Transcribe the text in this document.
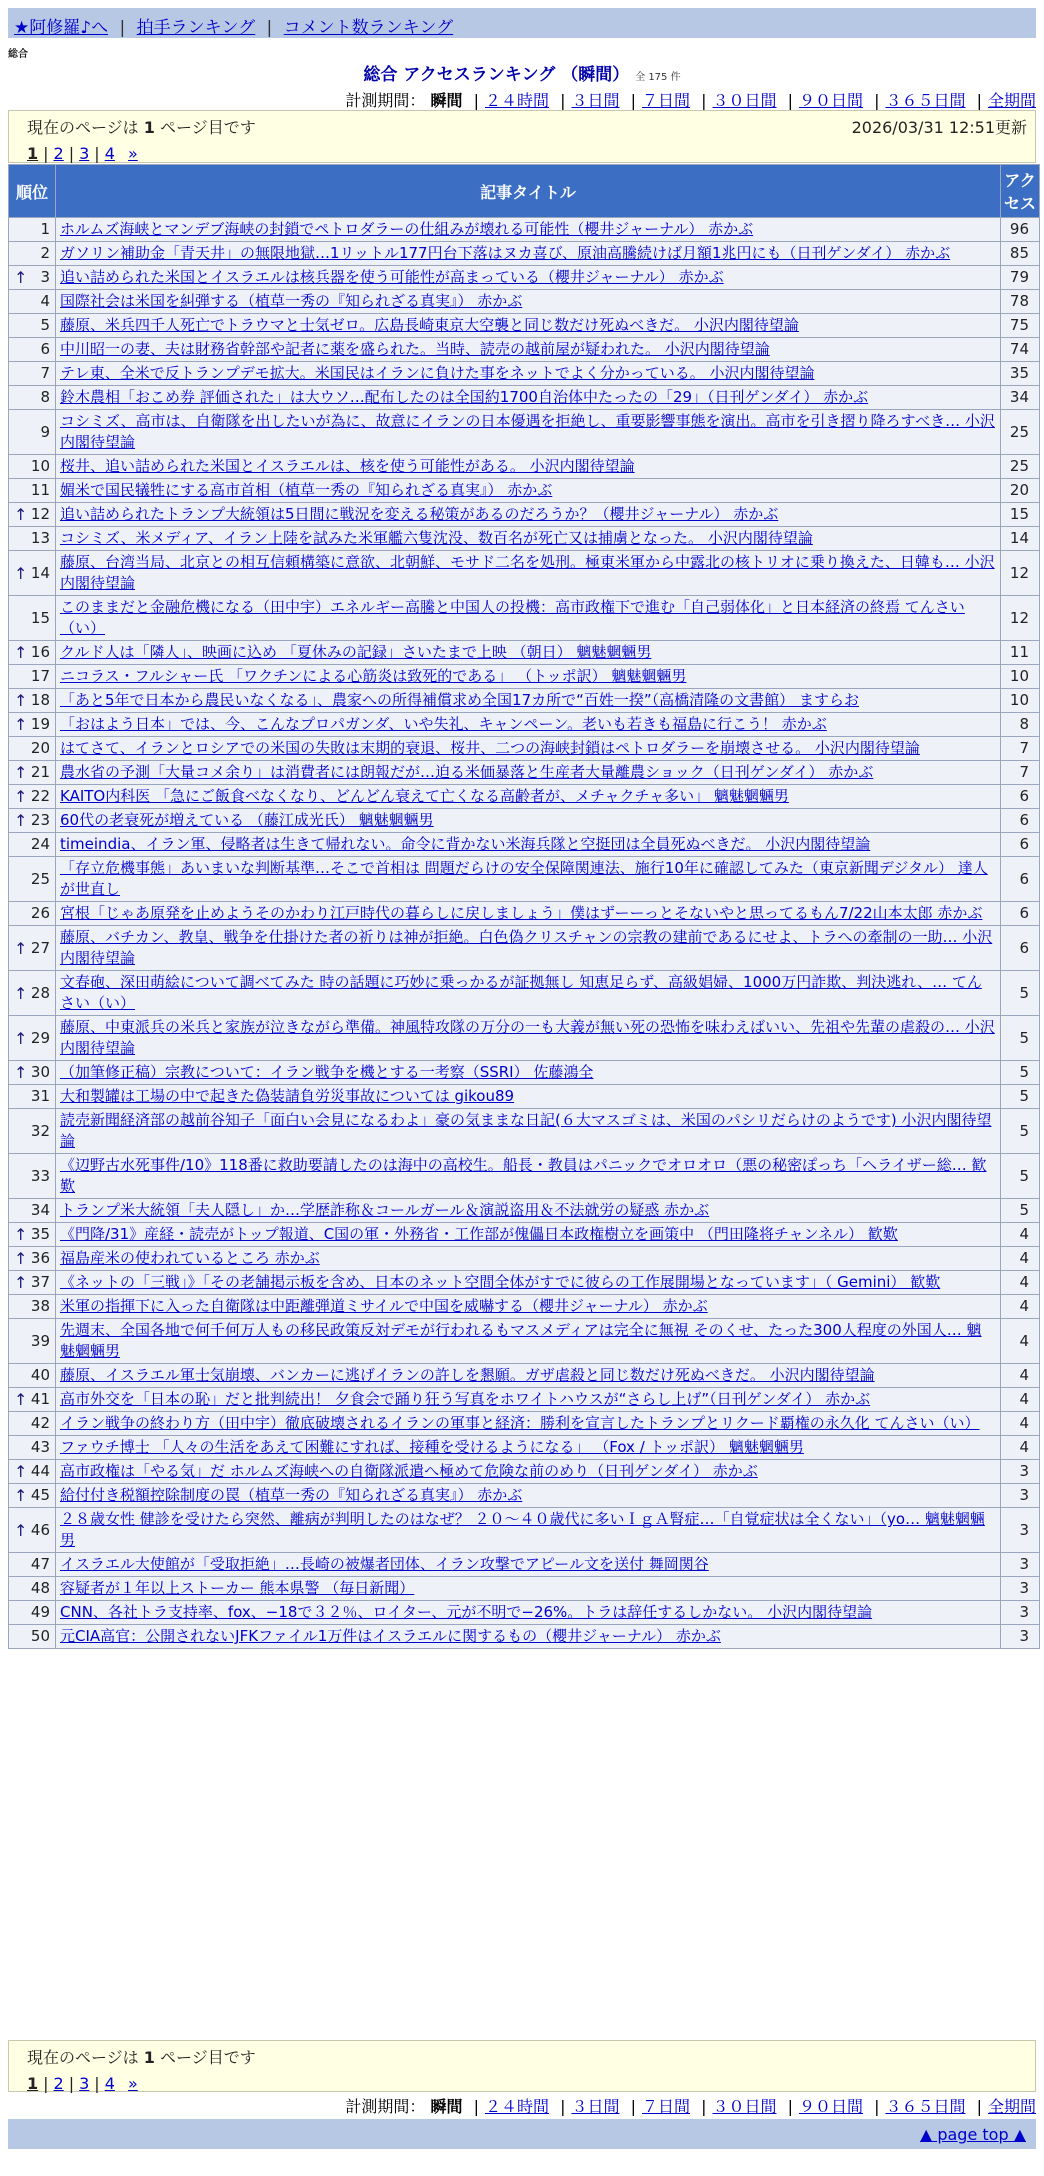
★阿修羅♪へ | 拍手ランキング | コメント数ランキング
総合
総合 アクセスランキング （瞬間） 全 175 件
計測期間： 瞬間 | ２４時間 | ３日間 | ７日間 | ３０日間 | ９０日間 | ３６５日間 | 全期間
現在のページは 1 ページ目です	2026/03/31 12:51更新
1 | 2 | 3 | 4 »
順位	記事タイトル	アクセス
1	ホルムズ海峡とマンデブ海峡の封鎖でペトロダラーの仕組みが壊れる可能性（櫻井ジャーナル） 赤かぶ	96
2	ガソリン補助金「青天井」の無限地獄…1リットル177円台下落はヌカ喜び、原油高騰続けば月額1兆円にも（日刊ゲンダイ） 赤かぶ	85

↑ 3	追い詰められた米国とイスラエルは核兵器を使う可能性が高まっている（櫻井ジャーナル） 赤かぶ	79
4	国際社会は米国を糾弾する（植草一秀の『知られざる真実』） 赤かぶ	78
5	藤原、米兵四千人死亡でトラウマと士気ゼロ。広島長崎東京大空襲と同じ数だけ死ぬべきだ。 小沢内閣待望論	75
6	中川昭一の妻、夫は財務省幹部や記者に薬を盛られた。当時、読売の越前屋が疑われた。 小沢内閣待望論	74
7	テレ東、全米で反トランプデモ拡大。米国民はイランに負けた事をネットでよく分かっている。 小沢内閣待望論	35
8	鈴木農相「おこめ券 評価された」は大ウソ…配布したのは全国約1700自治体中たったの「29」（日刊ゲンダイ） 赤かぶ	34
9	コシミズ、高市は、自衛隊を出したいが為に、故意にイランの日本優遇を拒絶し、重要影響事態を演出。高市を引き摺り降ろすべき… 小沢内閣待望論	25
10	桜井、追い詰められた米国とイスラエルは、核を使う可能性がある。 小沢内閣待望論	25
11	媚米で国民犠牲にする高市首相（植草一秀の『知られざる真実』） 赤かぶ	20

↑ 12	追い詰められたトランプ大統領は5日間に戦況を変える秘策があるのだろうか？（櫻井ジャーナル） 赤かぶ	15
13	コシミズ、米メディア、イラン上陸を試みた米軍艦六隻沈没、数百名が死亡又は捕虜となった。 小沢内閣待望論	14

↑ 14	藤原、台湾当局、北京との相互信頼構築に意欲、北朝鮮、モサド二名を処刑。極東米軍から中露北の核トリオに乗り換えた、日韓も… 小沢内閣待望論	12
15	このままだと金融危機になる（田中宇）エネルギー高騰と中国人の投機：高市政権下で進む「自己弱体化」と日本経済の終焉 てんさい（い）	12

↑ 16	クルド人は「隣人」、映画に込め 「夏休みの記録」さいたまで上映 （朝日） 魑魅魍魎男	11
17	ニコラス・フルシャー氏 「ワクチンによる心筋炎は致死的である」 （トッポ訳） 魑魅魍魎男	10

↑ 18	「あと5年で日本から農民いなくなる」、農家への所得補償求め全国17カ所で“百姓一揆”（高橋清隆の文書館） ますらお	10

↑ 19	「おはよう日本」では、今、こんなプロパガンダ、いや失礼、キャンペーン。老いも若きも福島に行こう！ 赤かぶ	8
20	はてさて、イランとロシアでの米国の失敗は末期的衰退、桜井、二つの海峡封鎖はペトロダラーを崩壊させる。 小沢内閣待望論	7

↑ 21	農水省の予測「大量コメ余り」は消費者には朗報だが…迫る米価暴落と生産者大量離農ショック（日刊ゲンダイ） 赤かぶ	7

↑ 22	KAITO内科医 「急にご飯食べなくなり、どんどん衰えて亡くなる高齢者が、メチャクチャ多い」 魑魅魍魎男	6

↑ 23	60代の老衰死が増えている （藤江成光氏） 魑魅魍魎男	6
24	timeindia、イラン軍、侵略者は生きて帰れない。命令に背かない米海兵隊と空挺団は全員死ぬべきだ。 小沢内閣待望論	6
25	「存立危機事態」あいまいな判断基準…そこで首相は 問題だらけの安全保障関連法、施行10年に確認してみた（東京新聞デジタル） 達人が世直し	6
26	宮根「じゃあ原発を止めようそのかわり江戸時代の暮らしに戻しましょう」僕はずーーっとそないやと思ってるもん7/22山本太郎 赤かぶ	6

↑ 27	藤原、バチカン、教皇、戦争を仕掛けた者の祈りは神が拒絶。白色偽クリスチャンの宗教の建前であるにせよ、トラへの牽制の一助… 小沢内閣待望論	6

↑ 28	文春砲、深田萌絵について調べてみた 時の話題に巧妙に乗っかるが証拠無し 知恵足らず、高級娼婦、1000万円詐欺、判決逃れ、… てんさい（い）	5

↑ 29	藤原、中東派兵の米兵と家族が泣きながら準備。神風特攻隊の万分の一も大義が無い死の恐怖を味わえばいい、先祖や先輩の虐殺の… 小沢内閣待望論	5

↑ 30	（加筆修正稿）宗教について：イラン戦争を機とする一考察（SSRI） 佐藤鴻全	5
31	大和製罐は工場の中で起きた偽装請負労災事故については gikou89	5
32	読売新聞経済部の越前谷知子「面白い会見になるわよ」豪の気ままな日記(６大マスゴミは、米国のパシリだらけのようです) 小沢内閣待望論	5
33	《辺野古水死事件/10》118番に救助要請したのは海中の高校生。船長・教員はパニックでオロオロ（悪の秘密ぽっち「ヘライザー総… 歓歎	5
34	トランプ米大統領「夫人隠し」か…学歴詐称＆コールガール＆演説盗用＆不法就労の疑惑 赤かぶ	5

↑ 35	《門降/31》産経・読売がトップ報道、C国の軍・外務省・工作部が傀儡日本政権樹立を画策中 （門田隆将チャンネル） 歓歎	4

↑ 36	福島産米の使われているところ 赤かぶ	4

↑ 37	《ネットの「三戦」》「その老舗掲示板を含め、日本のネット空間全体がすでに彼らの工作展開場となっています」（ Gemini） 歓歎	4
38	米軍の指揮下に入った自衛隊は中距離弾道ミサイルで中国を威嚇する（櫻井ジャーナル） 赤かぶ	4
39	先週末、全国各地で何千何万人もの移民政策反対デモが行われるもマスメディアは完全に無視 そのくせ、たった300人程度の外国人… 魑魅魍魎男	4
40	藤原、イスラエル軍士気崩壊、バンカーに逃げイランの許しを懇願。ガザ虐殺と同じ数だけ死ぬべきだ。 小沢内閣待望論	4

↑ 41	高市外交を「日本の恥」だと批判続出！ 夕食会で踊り狂う写真をホワイトハウスが“さらし上げ”（日刊ゲンダイ） 赤かぶ	4
42	イラン戦争の終わり方（田中宇）徹底破壊されるイランの軍事と経済：勝利を宣言したトランプとリクード覇権の永久化 てんさい（い）	4
43	ファウチ博士 「人々の生活をあえて困難にすれば、接種を受けるようになる」 （Fox / トッポ訳） 魑魅魍魎男	4

↑ 44	高市政権は「やる気」だ ホルムズ海峡への自衛隊派遣へ極めて危険な前のめり（日刊ゲンダイ） 赤かぶ	3

↑ 45	給付付き税額控除制度の罠（植草一秀の『知られざる真実』） 赤かぶ	3

↑ 46	２８歳女性 健診を受けたら突然、離病が判明したのはなぜ？ ２０～４０歳代に多いＩｇＡ腎症…「自覚症状は全くない」（yo… 魑魅魍魎男	3
47	イスラエル大使館が「受取拒絶」…長崎の被爆者団体、イラン攻撃でアピール文を送付 舞岡関谷	3
48	容疑者が１年以上ストーカー 熊本県警 （毎日新聞）	3
49	CNN、各社トラ支持率、fox、−18で３２％、ロイター、元が不明で−26%。トラは辞任するしかない。 小沢内閣待望論	3
50	元CIA高官：公開されないJFKファイル1万件はイスラエルに関するもの（櫻井ジャーナル） 赤かぶ	3
現在のページは 1 ページ目です
1 | 2 | 3 | 4 »
計測期間： 瞬間 | ２４時間 | ３日間 | ７日間 | ３０日間 | ９０日間 | ３６５日間 | 全期間
▲ page top ▲
